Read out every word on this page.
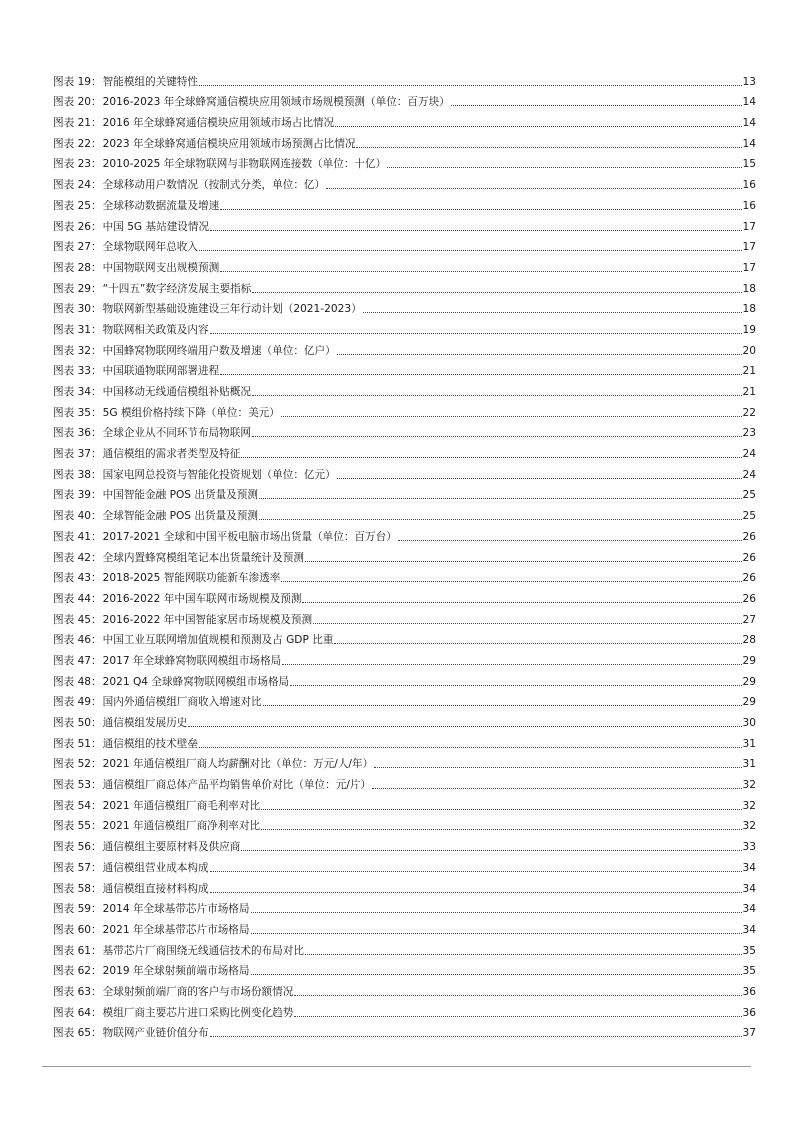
图表 19：智能模组的关键特性	13
图表 20：2016-2023 年全球蜂窝通信模块应用领域市场规模预测（单位：百万块）	14
图表 21：2016 年全球蜂窝通信模块应用领域市场占比情况	14
图表 22：2023 年全球蜂窝通信模块应用领域市场预测占比情况	14
图表 23：2010-2025 年全球物联网与非物联网连接数（单位：十亿）	15
图表 24：全球移动用户数情况（按制式分类，单位：亿）	16
图表 25：全球移动数据流量及增速	16
图表 26：中国 5G 基站建设情况	17
图表 27：全球物联网年总收入	17
图表 28：中国物联网支出规模预测	17
图表 29：“十四五”数字经济发展主要指标	18
图表 30：物联网新型基础设施建设三年行动计划（2021-2023）	18
图表 31：物联网相关政策及内容	19
图表 32：中国蜂窝物联网终端用户数及增速（单位：亿户）	20
图表 33：中国联通物联网部署进程	21
图表 34：中国移动无线通信模组补贴概况	21
图表 35：5G 模组价格持续下降（单位：美元）	22
图表 36：全球企业从不同环节布局物联网	23
图表 37：通信模组的需求者类型及特征	24
图表 38：国家电网总投资与智能化投资规划（单位：亿元）	24
图表 39：中国智能金融 POS 出货量及预测	25
图表 40：全球智能金融 POS 出货量及预测	25
图表 41：2017-2021 全球和中国平板电脑市场出货量（单位：百万台）	26
图表 42：全球内置蜂窝模组笔记本出货量统计及预测	26
图表 43：2018-2025 智能网联功能新车渗透率	26
图表 44：2016-2022 年中国车联网市场规模及预测	26
图表 45：2016-2022 年中国智能家居市场规模及预测	27
图表 46：中国工业互联网增加值规模和预测及占 GDP 比重	28
图表 47：2017 年全球蜂窝物联网模组市场格局	29
图表 48：2021 Q4 全球蜂窝物联网模组市场格局	29
图表 49：国内外通信模组厂商收入增速对比	29
图表 50：通信模组发展历史	30
图表 51：通信模组的技术壁垒	31
图表 52：2021 年通信模组厂商人均薪酬对比（单位：万元/人/年）	31
图表 53：通信模组厂商总体产品平均销售单价对比（单位：元/片）	32
图表 54：2021 年通信模组厂商毛利率对比	32
图表 55：2021 年通信模组厂商净利率对比	32
图表 56：通信模组主要原材料及供应商	33
图表 57：通信模组营业成本构成	34
图表 58：通信模组直接材料构成	34
图表 59：2014 年全球基带芯片市场格局	34
图表 60：2021 年全球基带芯片市场格局	34
图表 61：基带芯片厂商围绕无线通信技术的布局对比	35
图表 62：2019 年全球射频前端市场格局	35
图表 63：全球射频前端厂商的客户与市场份额情况	36
图表 64：模组厂商主要芯片进口采购比例变化趋势	36
图表 65：物联网产业链价值分布	37
